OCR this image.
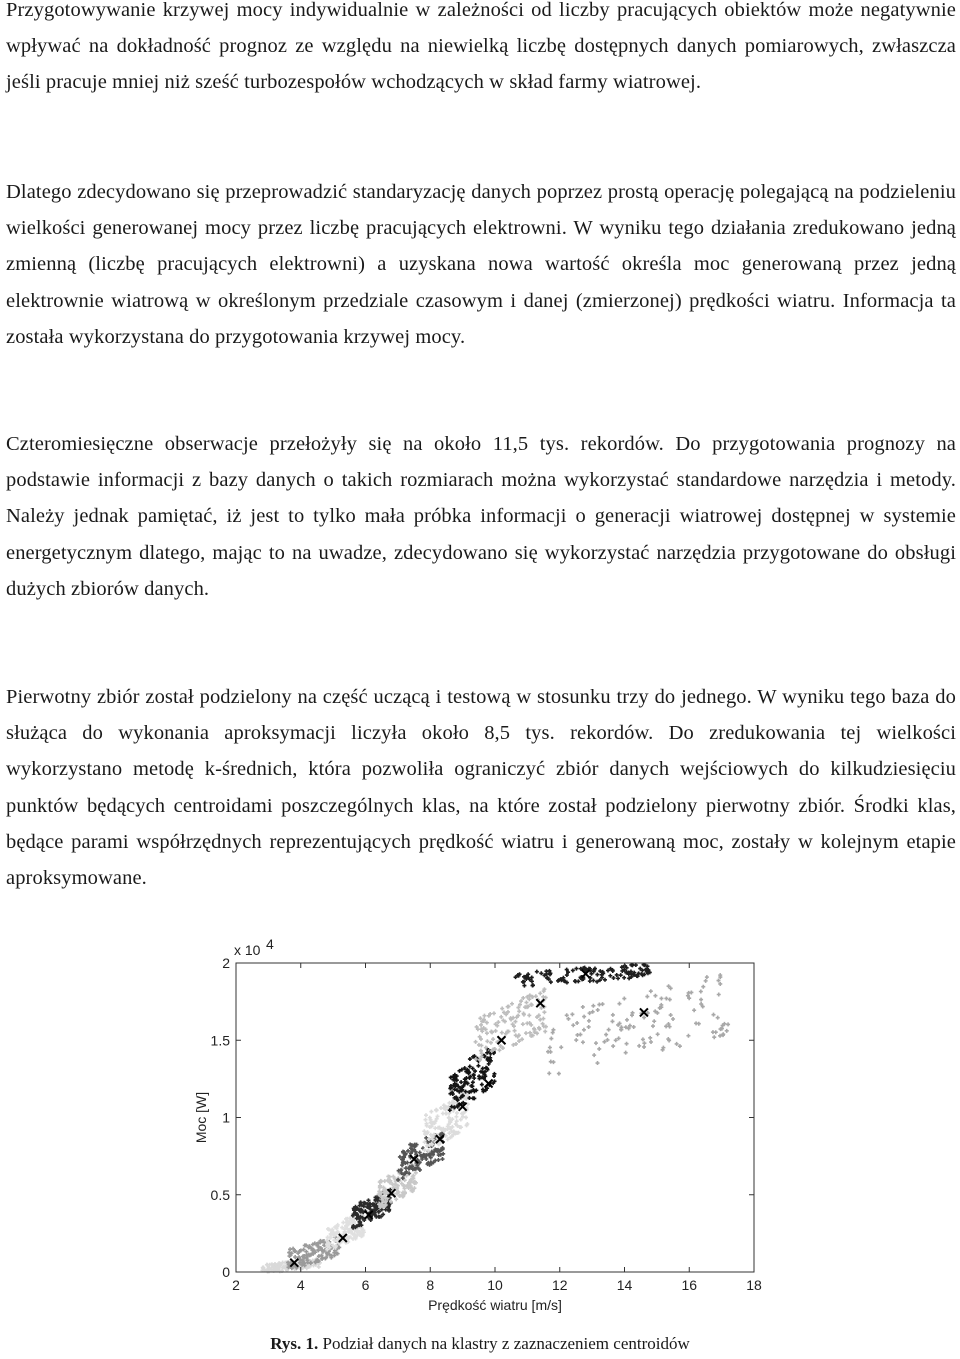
Przygotowywanie krzywej mocy indywidualnie w zależności od liczby pracujących obiektów może negatywnie wpływać na dokładność prognoz ze względu na niewielką liczbę dostępnych danych pomiarowych, zwłaszcza jeśli pracuje mniej niż sześć turbozespołów wchodzących w skład farmy wiatrowej.

Dlatego zdecydowano się przeprowadzić standaryzację danych poprzez prostą operację polegającą na podzieleniu wielkości generowanej mocy przez liczbę pracujących elektrowni. W wyniku tego działania zredukowano jedną zmienną (liczbę pracujących elektrowni) a uzyskana nowa wartość określa moc generowaną przez jedną elektrownie wiatrową w określonym przedziale czasowym i danej (zmierzonej) prędkości wiatru. Informacja ta została wykorzystana do przygotowania krzywej mocy.

Czteromiesięczne obserwacje przełożyły się na około 11,5 tys. rekordów. Do przygotowania prognozy na podstawie informacji z bazy danych o takich rozmiarach można wykorzystać standardowe narzędzia i metody. Należy jednak pamiętać, iż jest to tylko mała próbka informacji o generacji wiatrowej dostępnej w systemie energetycznym dlatego, mając to na uwadze, zdecydowano się wykorzystać narzędzia przygotowane do obsługi dużych zbiorów danych.

Pierwotny zbiór został podzielony na część uczącą i testową w stosunku trzy do jednego. W wyniku tego baza do służąca do wykonania aproksymacji liczyła około 8,5 tys. rekordów. Do zredukowania tej wielkości wykorzystano metodę k-średnich, która pozwoliła ograniczyć zbiór danych wejściowych do kilkudziesięciu punktów będących centroidami poszczególnych klas, na które został podzielony pierwotny zbiór. Środki klas, będące parami współrzędnych reprezentujących prędkość wiatru i generowaną moc, zostały w kolejnym etapie aproksymowane.

2	4	6	8	10	12	14	16	18
0
0.5
1
1.5
2
x 10 4
Prędkość wiatru [m/s]
Moc [W]
Rys. 1. Podział danych na klastry z zaznaczeniem centroidów
